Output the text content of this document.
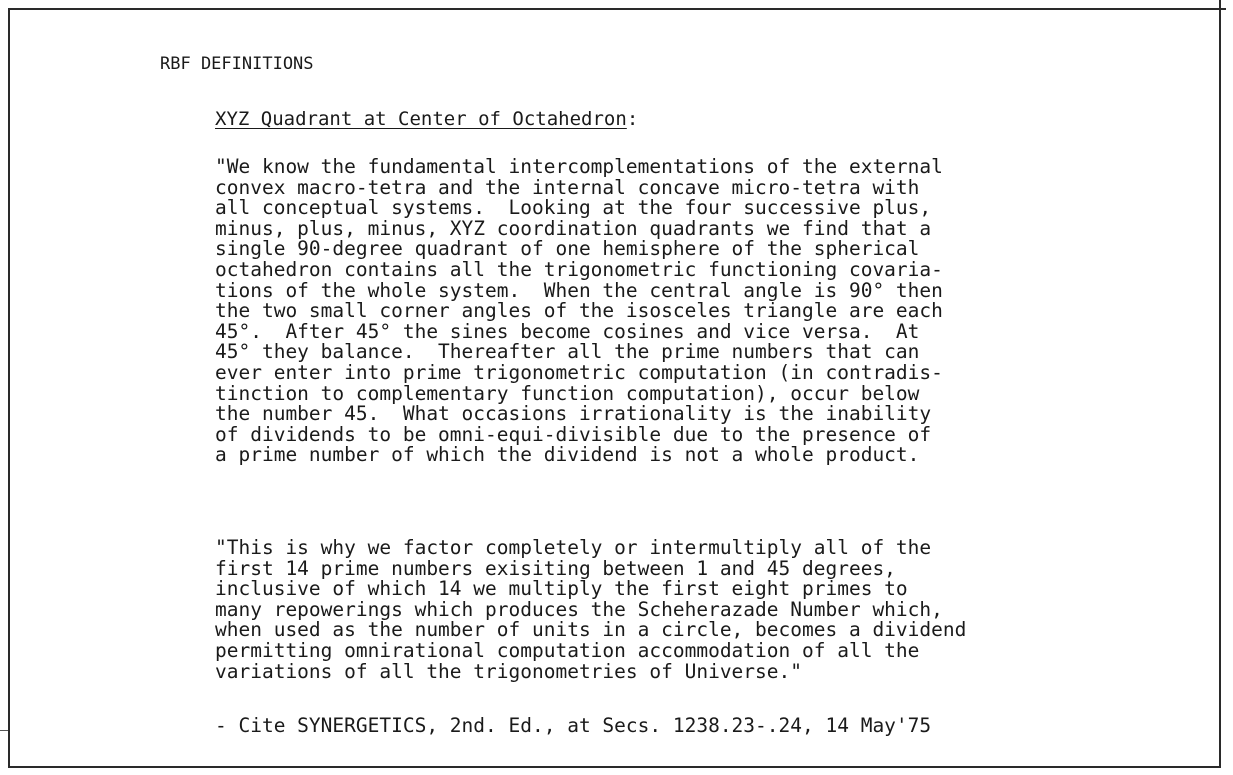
RBF DEFINITIONS
XYZ Quadrant at Center of Octahedron:
"We know the fundamental intercomplementations of the external
convex macro-tetra and the internal concave micro-tetra with
all conceptual systems.  Looking at the four successive plus,
minus, plus, minus, XYZ coordination quadrants we find that a
single 90-degree quadrant of one hemisphere of the spherical
octahedron contains all the trigonometric functioning covaria-
tions of the whole system.  When the central angle is 90° then
the two small corner angles of the isosceles triangle are each
45°.  After 45° the sines become cosines and vice versa.  At
45° they balance.  Thereafter all the prime numbers that can
ever enter into prime trigonometric computation (in contradis-
tinction to complementary function computation), occur below
the number 45.  What occasions irrationality is the inability
of dividends to be omni-equi-divisible due to the presence of
a prime number of which the dividend is not a whole product.
"This is why we factor completely or intermultiply all of the
first 14 prime numbers exisiting between 1 and 45 degrees,
inclusive of which 14 we multiply the first eight primes to
many repowerings which produces the Scheherazade Number which,
when used as the number of units in a circle, becomes a dividend
permitting omnirational computation accommodation of all the
variations of all the trigonometries of Universe."
- Cite SYNERGETICS, 2nd. Ed., at Secs. 1238.23-.24, 14 May'75
